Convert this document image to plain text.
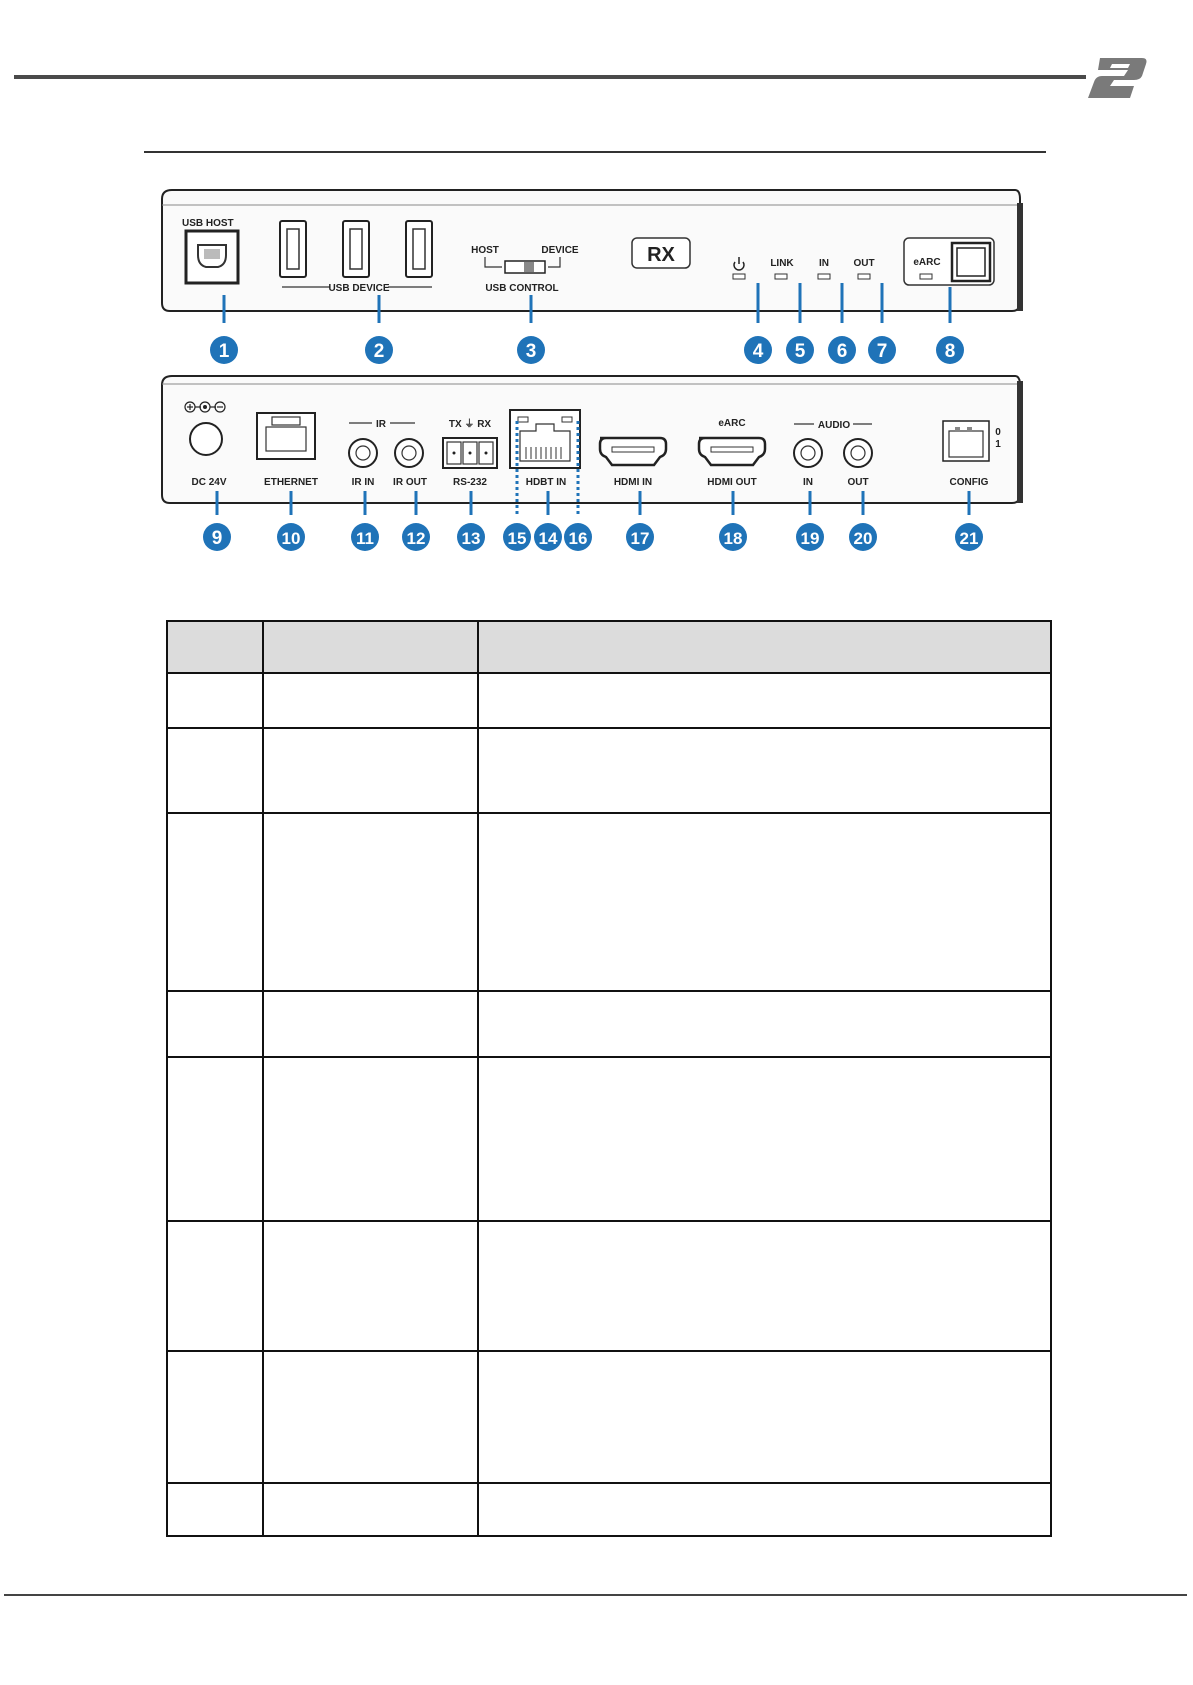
USB HOST
USB DEVICE
HOST	DEVICE
USB CONTROL
RX	LINK	IN OUT	eARC
1	2	3	4 5 6 7	8
DC 24V	ETHERNET
IR
IR IN IR OUT
TX ⏚ RX
RS-232	HDBT IN	HDMI IN
eARC
HDMI OUT
AUDIO
IN	OUT
0
1
CONFIG
9	10	11 12 13 15 14 16	17	18	19 20	21
